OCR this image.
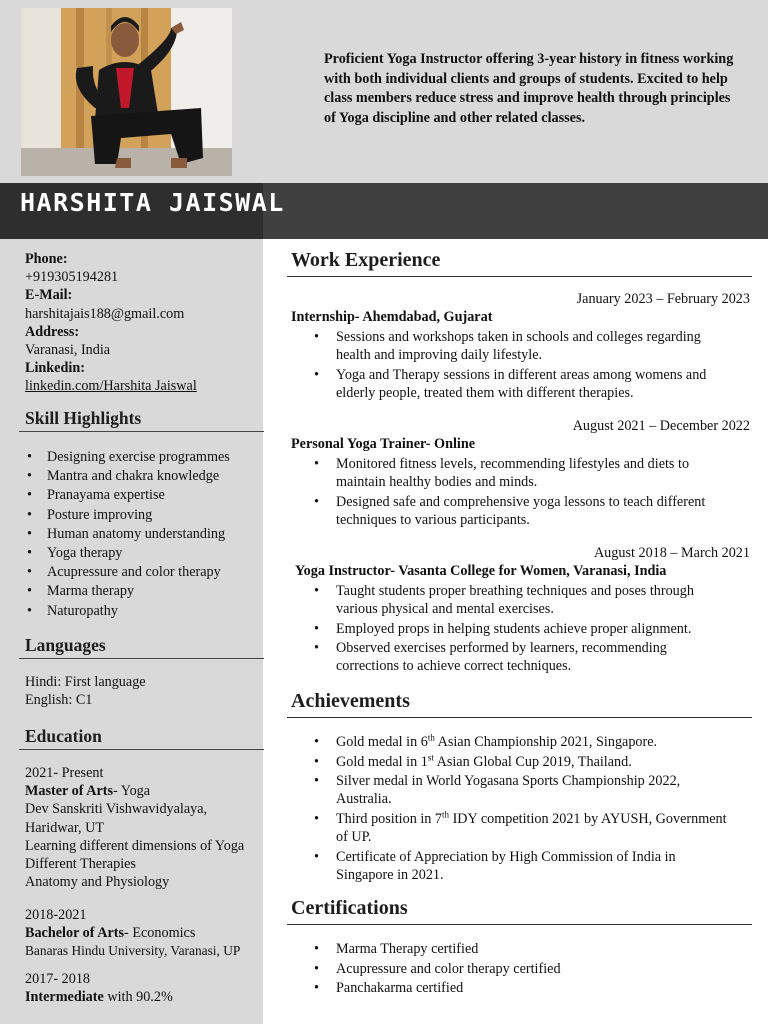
Proficient Yoga Instructor offering 3-year history in fitness working with both individual clients and groups of students. Excited to help class members reduce stress and improve health through principles of Yoga discipline and other related classes.
HARSHITA JAISWAL
Phone:
+919305194281
E-Mail:
harshitajais188@gmail.com
Address:
Varanasi, India
Linkedin:
linkedin.com/Harshita Jaiswal
Skill Highlights
• Designing exercise programmes
• Mantra and chakra knowledge
• Pranayama expertise
• Posture improving
• Human anatomy understanding
• Yoga therapy
• Acupressure and color therapy
• Marma therapy
• Naturopathy
Languages
Hindi: First language
English: C1
Education
2021- Present
Master of Arts- Yoga
Dev Sanskriti Vishwavidyalaya, Haridwar, UT
Learning different dimensions of Yoga
Different Therapies
Anatomy and Physiology
2018-2021
Bachelor of Arts- Economics
Banaras Hindu University, Varanasi, UP
2017- 2018
Intermediate with 90.2%
Work Experience
January 2023 – February 2023
Internship- Ahemdabad, Gujarat
• Sessions and workshops taken in schools and colleges regarding health and improving daily lifestyle.
• Yoga and Therapy sessions in different areas among womens and elderly people, treated them with different therapies.
August 2021 – December 2022
Personal Yoga Trainer- Online
• Monitored fitness levels, recommending lifestyles and diets to maintain healthy bodies and minds.
• Designed safe and comprehensive yoga lessons to teach different techniques to various participants.
August 2018 – March 2021
Yoga Instructor- Vasanta College for Women, Varanasi, India
• Taught students proper breathing techniques and poses through various physical and mental exercises.
• Employed props in helping students achieve proper alignment.
• Observed exercises performed by learners, recommending corrections to achieve correct techniques.
Achievements
• Gold medal in 6th Asian Championship 2021, Singapore.
• Gold medal in 1st Asian Global Cup 2019, Thailand.
• Silver medal in World Yogasana Sports Championship 2022, Australia.
• Third position in 7th IDY competition 2021 by AYUSH, Government of UP.
• Certificate of Appreciation by High Commission of India in Singapore in 2021.
Certifications
• Marma Therapy certified
• Acupressure and color therapy certified
• Panchakarma certified
